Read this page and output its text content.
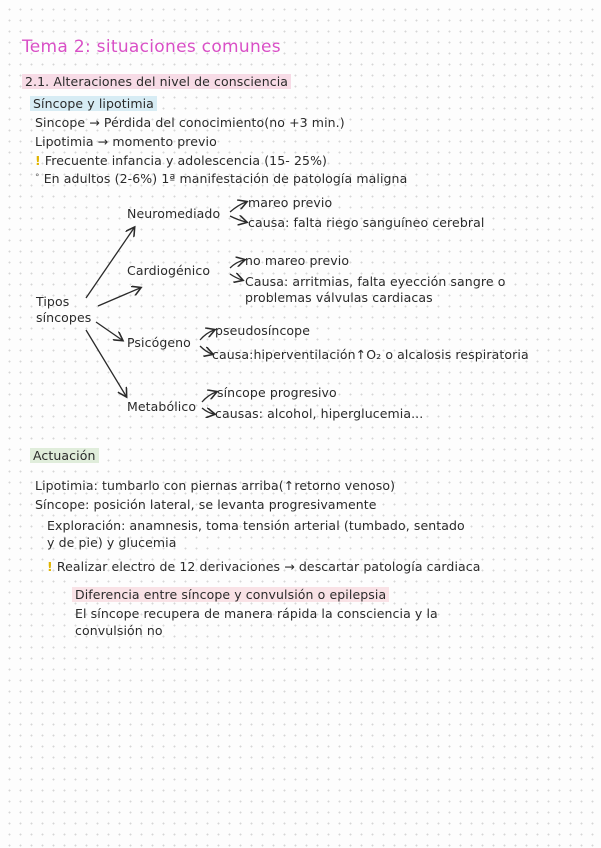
Tema 2: situaciones comunes
2.1. Alteraciones del nivel de consciencia
Síncope y lipotimia
Sincope → Pérdida del conocimiento(no +3 min.)
Lipotimia → momento previo
! Frecuente infancia y adolescencia (15- 25%)
° En adultos (2-6%) 1ª manifestación de patología maligna
Tipos
síncopes
Neuromediado
mareo previo
causa: falta riego sanguíneo cerebral
Cardiogénico
no mareo previo
Causa: arritmias, falta eyección sangre o
problemas válvulas cardiacas
Psicógeno
pseudosíncope
causa:hiperventilación↑O₂ o alcalosis respiratoria
Metabólico
síncope progresivo
causas: alcohol, hiperglucemia...
Actuación
Lipotimia: tumbarlo con piernas arriba(↑retorno venoso)
Síncope: posición lateral, se levanta progresivamente
Exploración: anamnesis, toma tensión arterial (tumbado, sentado
y de pie) y glucemia
! Realizar electro de 12 derivaciones → descartar patología cardiaca
Diferencia entre síncope y convulsión o epilepsia
El síncope recupera de manera rápida la consciencia y la
convulsión no
